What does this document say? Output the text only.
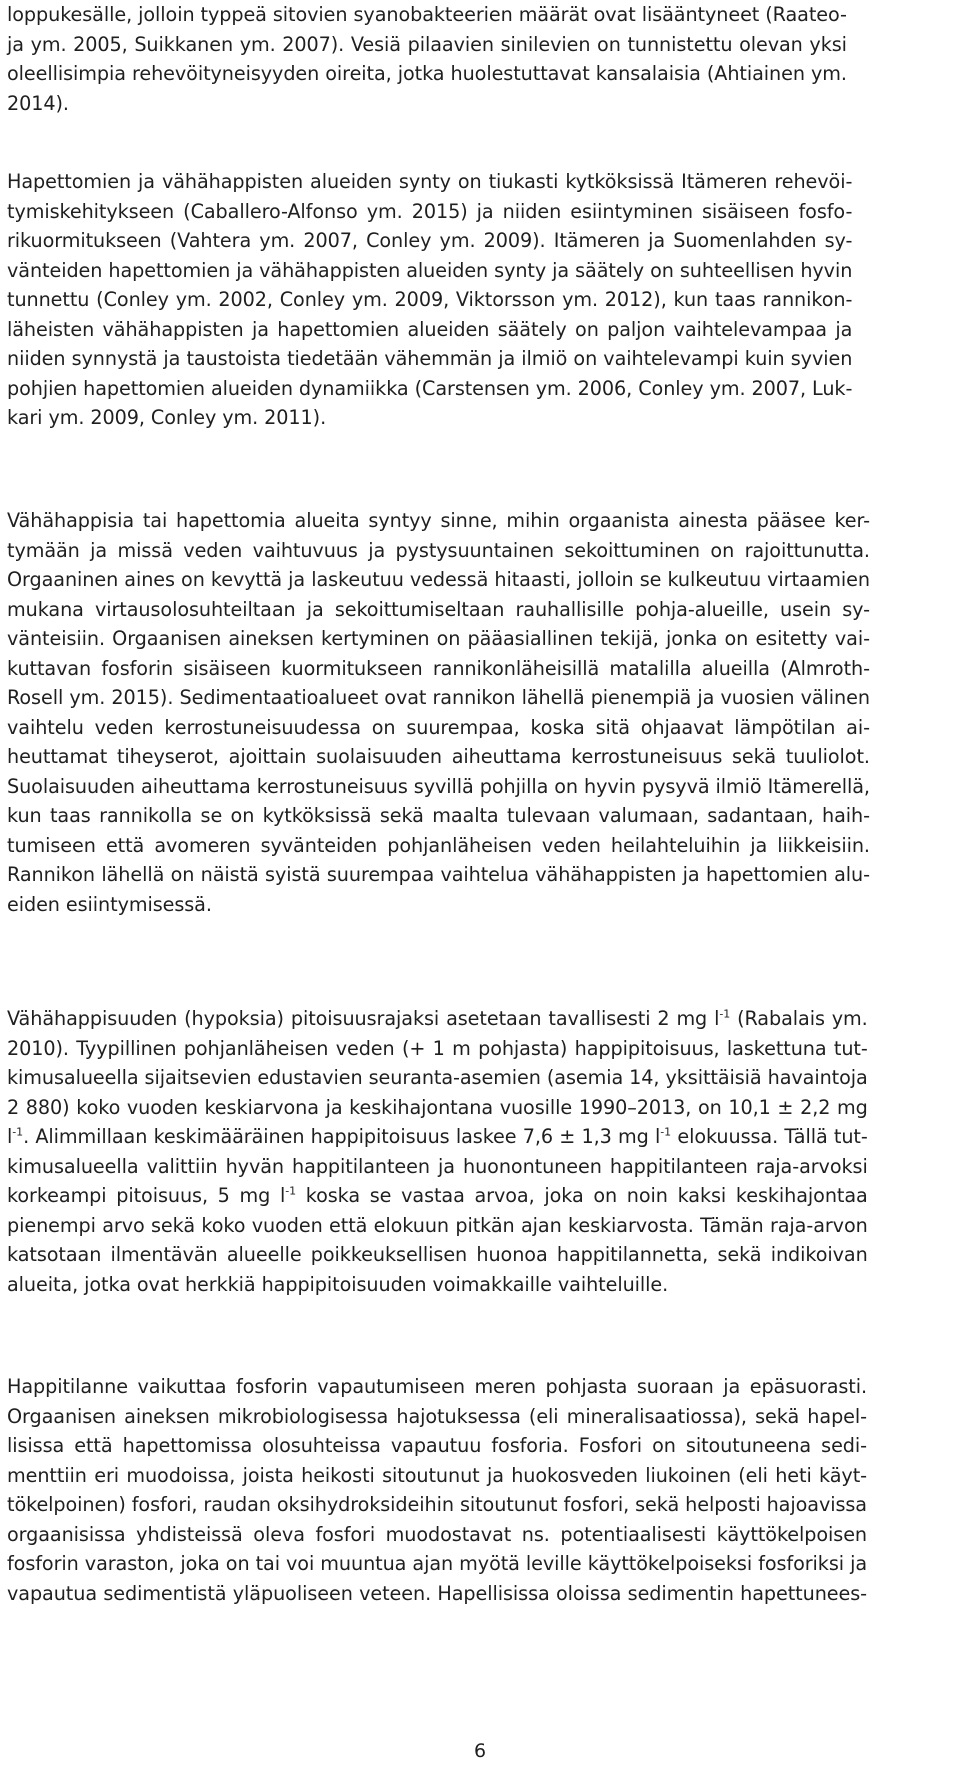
loppukesälle, jolloin typpeä sitovien syanobakteerien määrät ovat lisääntyneet (Raateo-
ja ym. 2005, Suikkanen ym. 2007). Vesiä pilaavien sinilevien on tunnistettu olevan yksi
oleellisimpia rehevöityneisyyden oireita, jotka huolestuttavat kansalaisia (Ahtiainen ym.
2014).
Hapettomien ja vähähappisten alueiden synty on tiukasti kytköksissä Itämeren rehevöi-
tymiskehitykseen (Caballero-Alfonso ym. 2015) ja niiden esiintyminen sisäiseen fosfo-
rikuormitukseen (Vahtera ym. 2007, Conley ym. 2009). Itämeren ja Suomenlahden sy-
vänteiden hapettomien ja vähähappisten alueiden synty ja säätely on suhteellisen hyvin
tunnettu (Conley ym. 2002, Conley ym. 2009, Viktorsson ym. 2012), kun taas rannikon-
läheisten vähähappisten ja hapettomien alueiden säätely on paljon vaihtelevampaa ja
niiden synnystä ja taustoista tiedetään vähemmän ja ilmiö on vaihtelevampi kuin syvien
pohjien hapettomien alueiden dynamiikka (Carstensen ym. 2006, Conley ym. 2007, Luk-
kari ym. 2009, Conley ym. 2011).
Vähähappisia tai hapettomia alueita syntyy sinne, mihin orgaanista ainesta pääsee ker-
tymään ja missä veden vaihtuvuus ja pystysuuntainen sekoittuminen on rajoittunutta.
Orgaaninen aines on kevyttä ja laskeutuu vedessä hitaasti, jolloin se kulkeutuu virtaamien
mukana virtausolosuhteiltaan ja sekoittumiseltaan rauhallisille pohja-alueille, usein sy-
vänteisiin. Orgaanisen aineksen kertyminen on pääasiallinen tekijä, jonka on esitetty vai-
kuttavan fosforin sisäiseen kuormitukseen rannikonläheisillä matalilla alueilla (Almroth-
Rosell ym. 2015). Sedimentaatioalueet ovat rannikon lähellä pienempiä ja vuosien välinen
vaihtelu veden kerrostuneisuudessa on suurempaa, koska sitä ohjaavat lämpötilan ai-
heuttamat tiheyserot, ajoittain suolaisuuden aiheuttama kerrostuneisuus sekä tuuliolot.
Suolaisuuden aiheuttama kerrostuneisuus syvillä pohjilla on hyvin pysyvä ilmiö Itämerellä,
kun taas rannikolla se on kytköksissä sekä maalta tulevaan valumaan, sadantaan, haih-
tumiseen että avomeren syvänteiden pohjanläheisen veden heilahteluihin ja liikkeisiin.
Rannikon lähellä on näistä syistä suurempaa vaihtelua vähähappisten ja hapettomien alu-
eiden esiintymisessä.
Vähähappisuuden (hypoksia) pitoisuusrajaksi asetetaan tavallisesti 2 mg $l^{-1}$ (Rabalais ym.
2010). Tyypillinen pohjanläheisen veden (+ 1 m pohjasta) happipitoisuus, laskettuna tut-
kimusalueella sijaitsevien edustavien seuranta-asemien (asemia 14, yksittäisiä havaintoja
2 880) koko vuoden keskiarvona ja keskihajontana vuosille 1990–2013, on 10,1 ± 2,2 mg
$l^{-1}$. Alimmillaan keskimääräinen happipitoisuus laskee 7,6 ± 1,3 mg $l^{-1}$ elokuussa. Tällä tut-
kimusalueella valittiin hyvän happitilanteen ja huonontuneen happitilanteen raja-arvoksi
korkeampi pitoisuus, 5 mg $l^{-1}$ koska se vastaa arvoa, joka on noin kaksi keskihajontaa
pienempi arvo sekä koko vuoden että elokuun pitkän ajan keskiarvosta. Tämän raja-arvon
katsotaan ilmentävän alueelle poikkeuksellisen huonoa happitilannetta, sekä indikoivan
alueita, jotka ovat herkkiä happipitoisuuden voimakkaille vaihteluille.
Happitilanne vaikuttaa fosforin vapautumiseen meren pohjasta suoraan ja epäsuorasti.
Orgaanisen aineksen mikrobiologisessa hajotuksessa (eli mineralisaatiossa), sekä hapel-
lisissa että hapettomissa olosuhteissa vapautuu fosforia. Fosfori on sitoutuneena sedi-
menttiin eri muodoissa, joista heikosti sitoutunut ja huokosveden liukoinen (eli heti käyt-
tökelpoinen) fosfori, raudan oksihydroksideihin sitoutunut fosfori, sekä helposti hajoavissa
orgaanisissa yhdisteissä oleva fosfori muodostavat ns. potentiaalisesti käyttökelpoisen
fosforin varaston, joka on tai voi muuntua ajan myötä leville käyttökelpoiseksi fosforiksi ja
vapautua sedimentistä yläpuoliseen veteen. Hapellisissa oloissa sedimentin hapettunees-
6
